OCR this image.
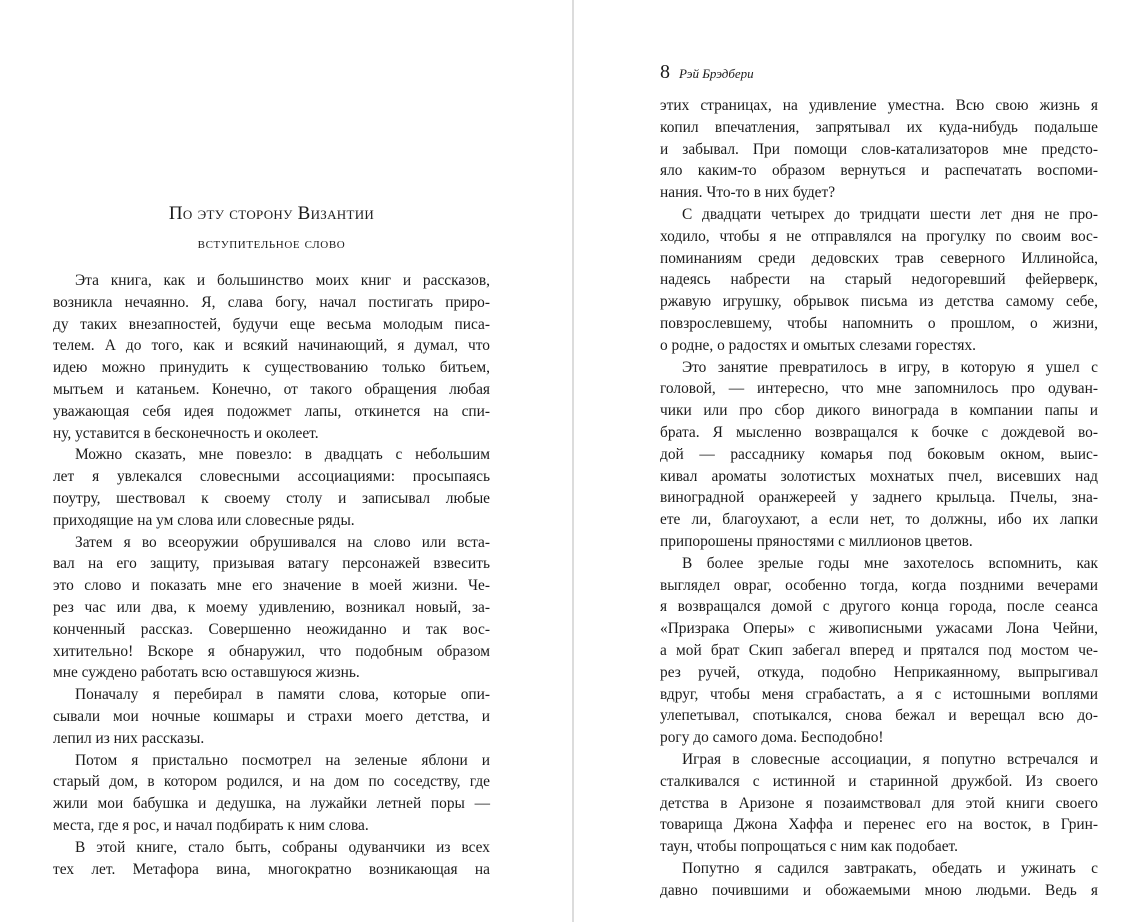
По эту сторону Византии
вступительное слово
Эта книга, как и большинство моих книг и рассказов,
возникла нечаянно. Я, слава богу, начал постигать приро-
ду таких внезапностей, будучи еще весьма молодым писа-
телем. А до того, как и всякий начинающий, я думал, что
идею можно принудить к существованию только битьем,
мытьем и катаньем. Конечно, от такого обращения любая
уважающая себя идея подожмет лапы, откинется на спи-
ну, уставится в бесконечность и околеет.
Можно сказать, мне повезло: в двадцать с небольшим
лет я увлекался словесными ассоциациями: просыпаясь
поутру, шествовал к своему столу и записывал любые
приходящие на ум слова или словесные ряды.
Затем я во всеоружии обрушивался на слово или вста-
вал на его защиту, призывая ватагу персонажей взвесить
это слово и показать мне его значение в моей жизни. Че-
рез час или два, к моему удивлению, возникал новый, за-
конченный рассказ. Совершенно неожиданно и так вос-
хитительно! Вскоре я обнаружил, что подобным образом
мне суждено работать всю оставшуюся жизнь.
Поначалу я перебирал в памяти слова, которые опи-
сывали мои ночные кошмары и страхи моего детства, и
лепил из них рассказы.
Потом я пристально посмотрел на зеленые яблони и
старый дом, в котором родился, и на дом по соседству, где
жили мои бабушка и дедушка, на лужайки летней поры —
места, где я рос, и начал подбирать к ним слова.
В этой книге, стало быть, собраны одуванчики из всех
тех лет. Метафора вина, многократно возникающая на
8 Рэй Брэдбери
этих страницах, на удивление уместна. Всю свою жизнь я
копил впечатления, запрятывал их куда-нибудь подальше
и забывал. При помощи слов-катализаторов мне предсто-
яло каким-то образом вернуться и распечатать воспоми-
нания. Что-то в них будет?
С двадцати четырех до тридцати шести лет дня не про-
ходило, чтобы я не отправлялся на прогулку по своим вос-
поминаниям среди дедовских трав северного Иллинойса,
надеясь набрести на старый недогоревший фейерверк,
ржавую игрушку, обрывок письма из детства самому себе,
повзрослевшему, чтобы напомнить о прошлом, о жизни,
о родне, о радостях и омытых слезами горестях.
Это занятие превратилось в игру, в которую я ушел с
головой, — интересно, что мне запомнилось про одуван-
чики или про сбор дикого винограда в компании папы и
брата. Я мысленно возвращался к бочке с дождевой во-
дой — рассаднику комарья под боковым окном, выис-
кивал ароматы золотистых мохнатых пчел, висевших над
виноградной оранжереей у заднего крыльца. Пчелы, зна-
ете ли, благоухают, а если нет, то должны, ибо их лапки
припорошены пряностями с миллионов цветов.
В более зрелые годы мне захотелось вспомнить, как
выглядел овраг, особенно тогда, когда поздними вечерами
я возвращался домой с другого конца города, после сеанса
«Призрака Оперы» с живописными ужасами Лона Чейни,
а мой брат Скип забегал вперед и прятался под мостом че-
рез ручей, откуда, подобно Неприкаянному, выпрыгивал
вдруг, чтобы меня сграбастать, а я с истошными воплями
улепетывал, спотыкался, снова бежал и верещал всю до-
рогу до самого дома. Бесподобно!
Играя в словесные ассоциации, я попутно встречался и
сталкивался с истинной и старинной дружбой. Из своего
детства в Аризоне я позаимствовал для этой книги своего
товарища Джона Хаффа и перенес его на восток, в Грин-
таун, чтобы попрощаться с ним как подобает.
Попутно я садился завтракать, обедать и ужинать с
давно почившими и обожаемыми мною людьми. Ведь я
